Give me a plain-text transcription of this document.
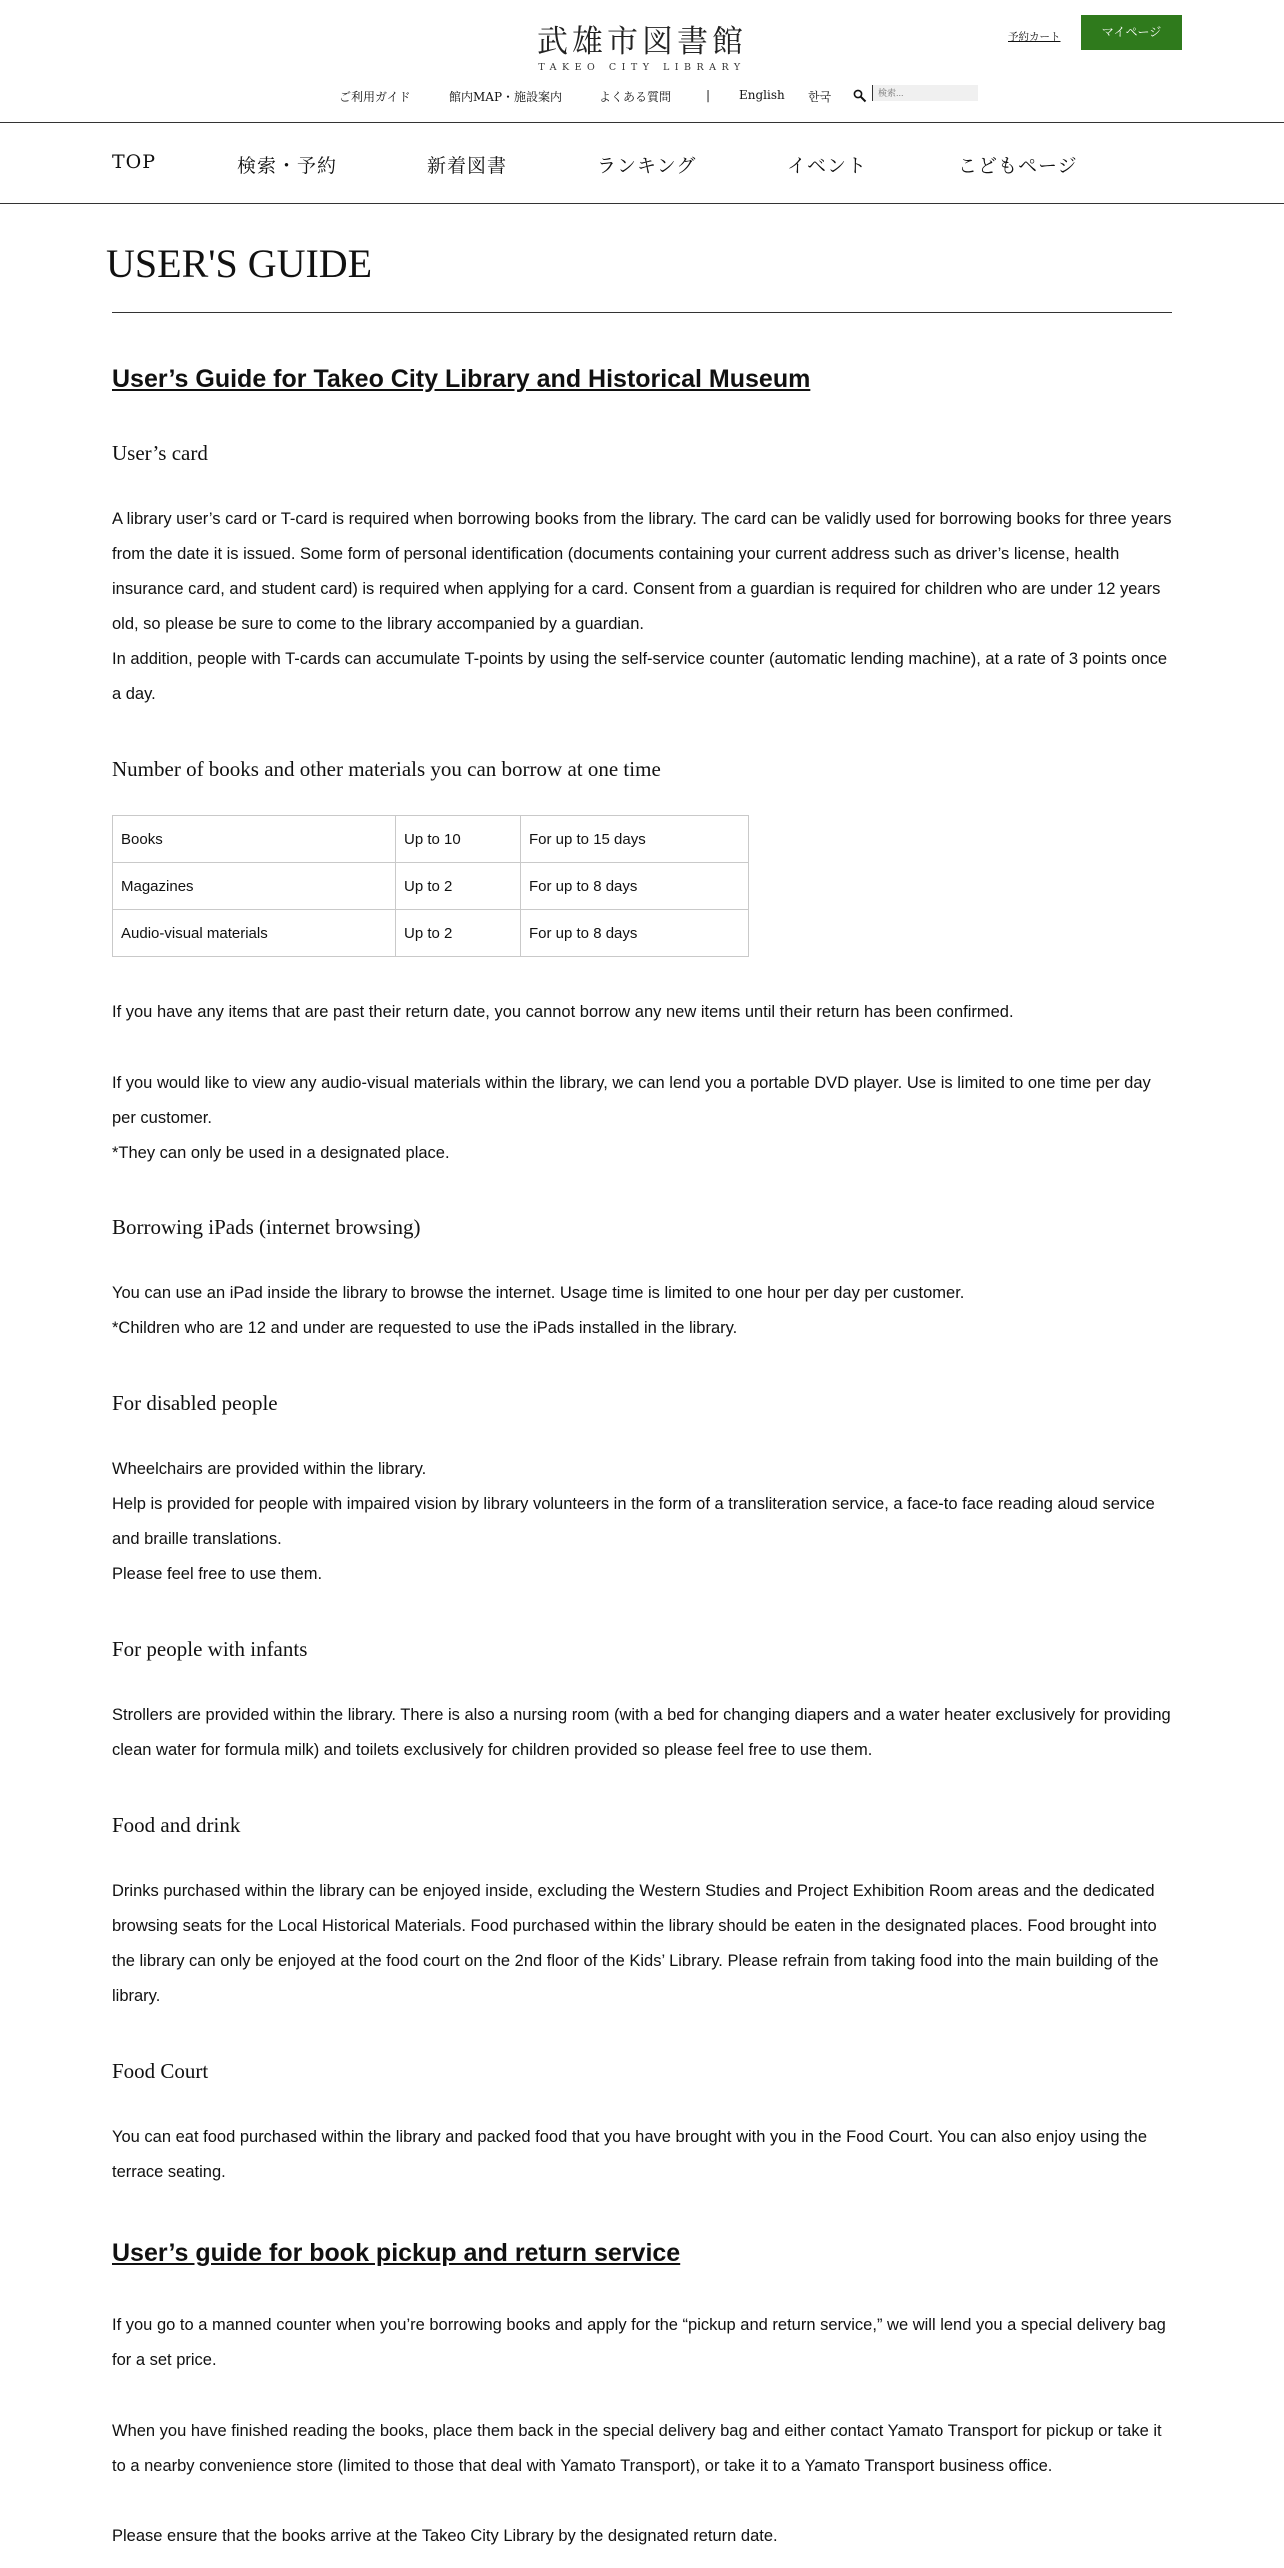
武雄市図書館
TAKEO CITY LIBRARY
予約カート	マイページ
ご利用ガイド	館内MAP・施設案内	よくある質問	| English 한국
検索...
TOP	検索・予約	新着図書	ランキング	イベント	こどもページ
USER'S GUIDE
User’s Guide for Takeo City Library and Historical Museum
User’s card
A library user’s card or T-card is required when borrowing books from the library. The card can be validly used for borrowing books for three years from the date it is issued. Some form of personal identification (documents containing your current address such as driver’s license, health insurance card, and student card) is required when applying for a card. Consent from a guardian is required for children who are under 12 years old, so please be sure to come to the library accompanied by a guardian.
In addition, people with T-cards can accumulate T-points by using the self-service counter (automatic lending machine), at a rate of 3 points once a day.
Number of books and other materials you can borrow at one time
Books	Up to 10	For up to 15 days
Magazines	Up to 2	For up to 8 days
Audio-visual materials	Up to 2	For up to 8 days
If you have any items that are past their return date, you cannot borrow any new items until their return has been confirmed.
If you would like to view any audio-visual materials within the library, we can lend you a portable DVD player. Use is limited to one time per day per customer.
*They can only be used in a designated place.
Borrowing iPads (internet browsing)
You can use an iPad inside the library to browse the internet. Usage time is limited to one hour per day per customer.
*Children who are 12 and under are requested to use the iPads installed in the library.
For disabled people
Wheelchairs are provided within the library.
Help is provided for people with impaired vision by library volunteers in the form of a transliteration service, a face-to face reading aloud service and braille translations.
Please feel free to use them.
For people with infants
Strollers are provided within the library. There is also a nursing room (with a bed for changing diapers and a water heater exclusively for providing clean water for formula milk) and toilets exclusively for children provided so please feel free to use them.
Food and drink
Drinks purchased within the library can be enjoyed inside, excluding the Western Studies and Project Exhibition Room areas and the dedicated browsing seats for the Local Historical Materials. Food purchased within the library should be eaten in the designated places. Food brought into the library can only be enjoyed at the food court on the 2nd floor of the Kids’ Library. Please refrain from taking food into the main building of the library.
Food Court
You can eat food purchased within the library and packed food that you have brought with you in the Food Court. You can also enjoy using the terrace seating.
User’s guide for book pickup and return service
If you go to a manned counter when you’re borrowing books and apply for the “pickup and return service,” we will lend you a special delivery bag for a set price.
When you have finished reading the books, place them back in the special delivery bag and either contact Yamato Transport for pickup or take it to a nearby convenience store (limited to those that deal with Yamato Transport), or take it to a Yamato Transport business office.
Please ensure that the books arrive at the Takeo City Library by the designated return date.
